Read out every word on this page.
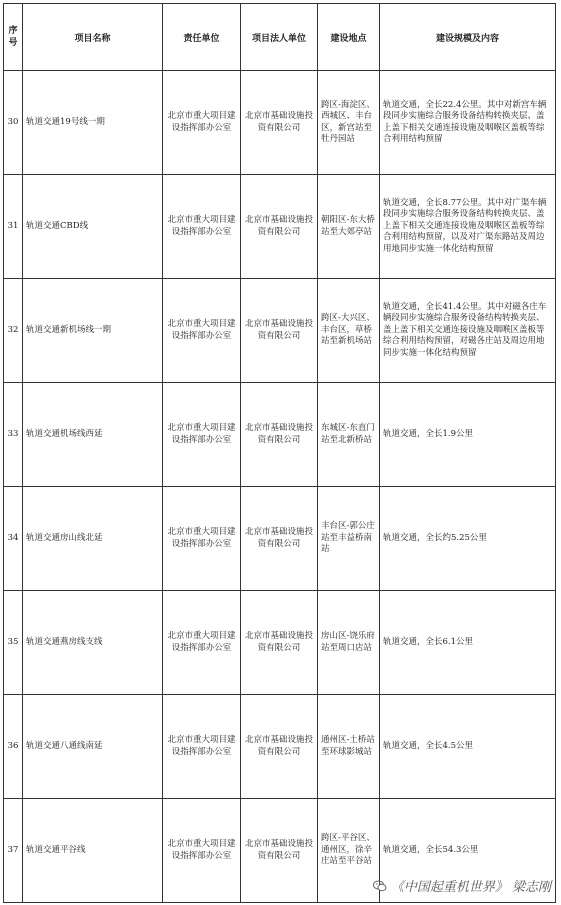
序号	项目名称	责任单位	项目法人单位	建设地点	建设规模及内容
30	轨道交通19号线一期	北京市重大项目建设指挥部办公室	北京市基础设施投资有限公司	跨区-海淀区、西城区、丰台区，新宫站至牡丹园站	轨道交通，全长22.4公里。其中对新宫车辆段同步实施综合服务设备结构转换夹层、盖上盖下相关交通连接设施及咽喉区盖板等综合利用结构预留
31	轨道交通CBD线	北京市重大项目建设指挥部办公室	北京市基础设施投资有限公司	朝阳区-东大桥站至大郊亭站	轨道交通，全长8.77公里。其中对广渠车辆段同步实施综合服务设备结构转换夹层、盖上盖下相关交通连接设施及咽喉区盖板等综合利用结构预留，以及对广渠东路站及周边用地同步实施一体化结构预留
32	轨道交通新机场线一期	北京市重大项目建设指挥部办公室	北京市基础设施投资有限公司	跨区-大兴区、丰台区，草桥站至新机场站	轨道交通，全长41.4公里。其中对磁各庄车辆段同步实施综合服务设备结构转换夹层、盖上盖下相关交通连接设施及咽喉区盖板等综合利用结构预留，对磁各庄站及周边用地同步实施一体化结构预留
33	轨道交通机场线西延	北京市重大项目建设指挥部办公室	北京市基础设施投资有限公司	东城区-东直门站至北新桥站	轨道交通，全长1.9公里
34	轨道交通房山线北延	北京市重大项目建设指挥部办公室	北京市基础设施投资有限公司	丰台区-郭公庄站至丰益桥南站	轨道交通，全长约5.25公里
35	轨道交通燕房线支线	北京市重大项目建设指挥部办公室	北京市基础设施投资有限公司	房山区-饶乐府站至周口店站	轨道交通，全长6.1公里
36	轨道交通八通线南延	北京市重大项目建设指挥部办公室	北京市基础设施投资有限公司	通州区-土桥站至环球影城站	轨道交通，全长4.5公里
37	轨道交通平谷线	北京市重大项目建设指挥部办公室	北京市基础设施投资有限公司	跨区-平谷区、通州区，徐辛庄站至平谷站	轨道交通，全长54.3公里
《中国起重机世界》 梁志刚
